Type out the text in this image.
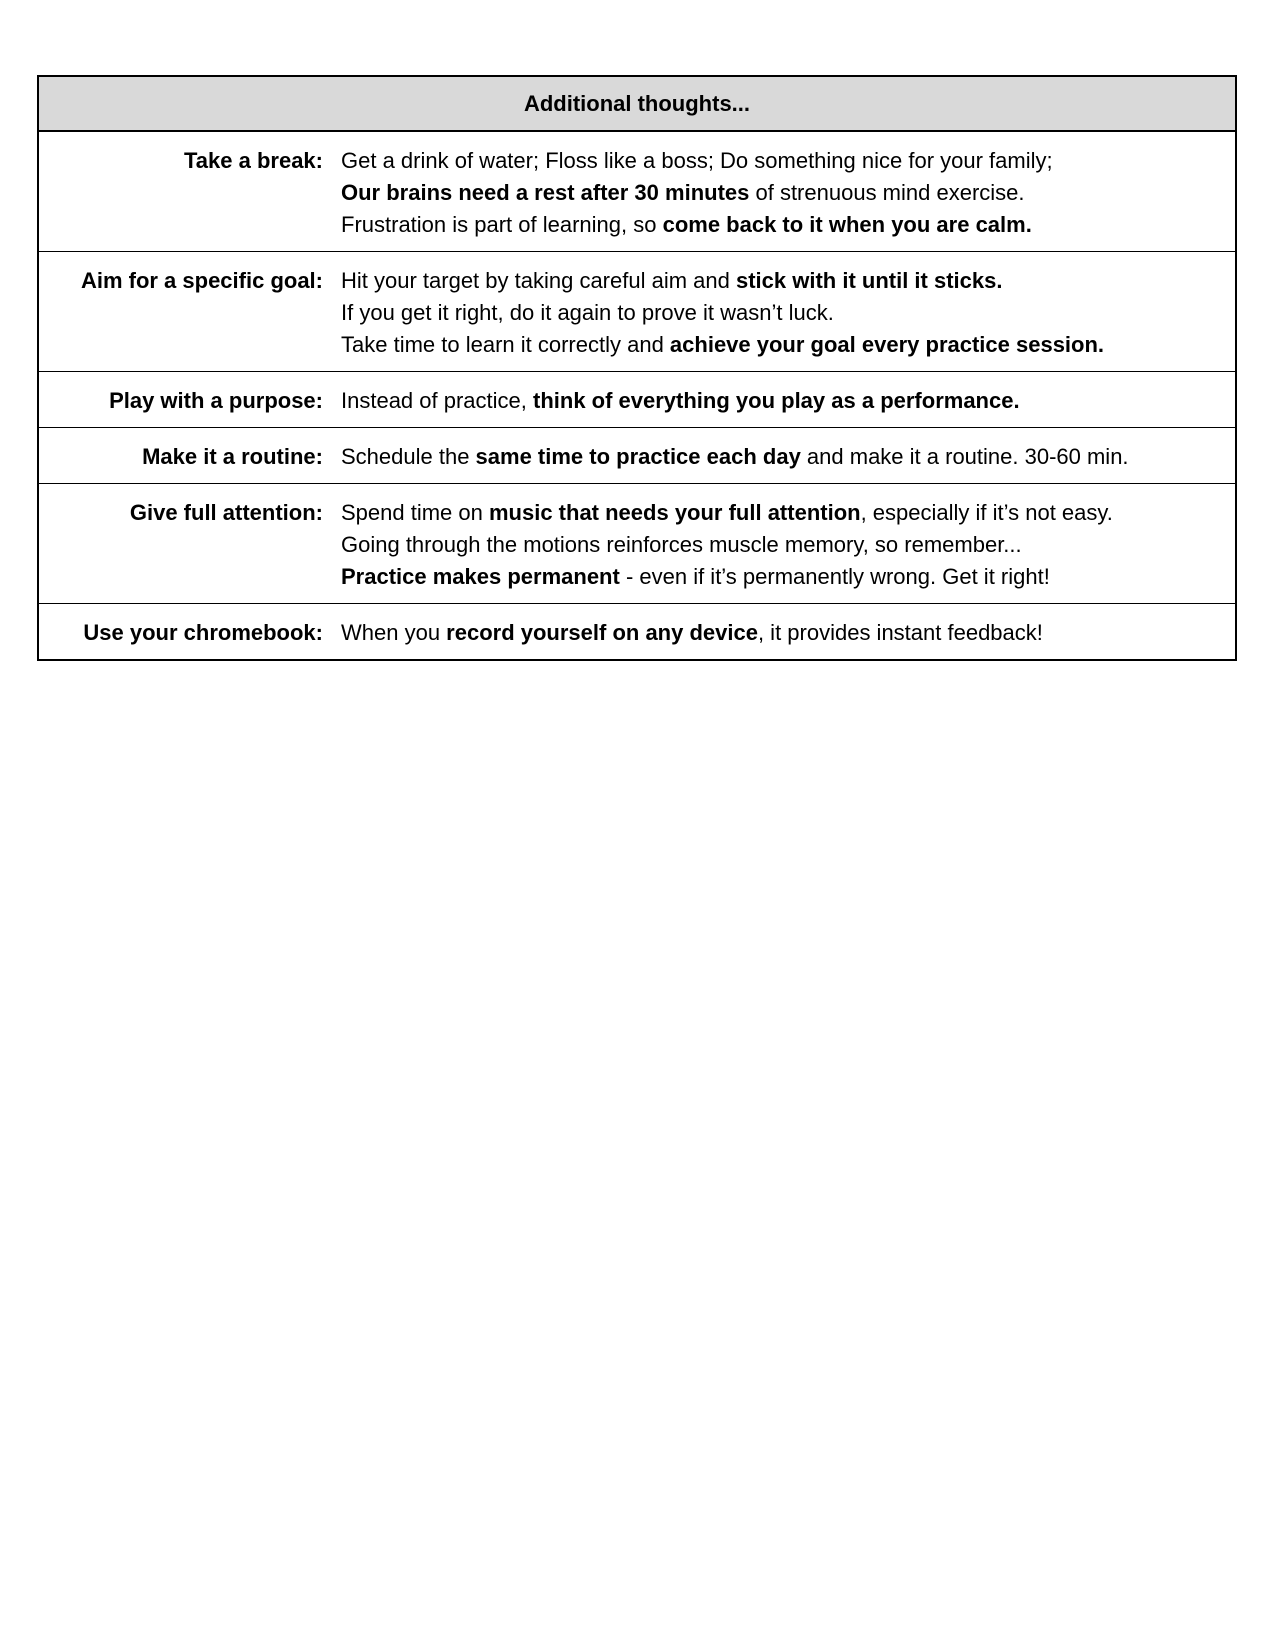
Additional thoughts...	
Take a break:	Get a drink of water; Floss like a boss; Do something nice for your family;
Our brains need a rest after 30 minutes of strenuous mind exercise.
Frustration is part of learning, so come back to it when you are calm.

Aim for a specific goal:	Hit your target by taking careful aim and stick with it until it sticks.
If you get it right, do it again to prove it wasn’t luck.
Take time to learn it correctly and achieve your goal every practice session.

Play with a purpose:	Instead of practice, think of everything you play as a performance.

Make it a routine:	Schedule the same time to practice each day and make it a routine. 30-60 min.

Give full attention:	Spend time on music that needs your full attention, especially if it’s not easy.
Going through the motions reinforces muscle memory, so remember...
Practice makes permanent - even if it’s permanently wrong. Get it right!

Use your chromebook:	When you record yourself on any device, it provides instant feedback!
